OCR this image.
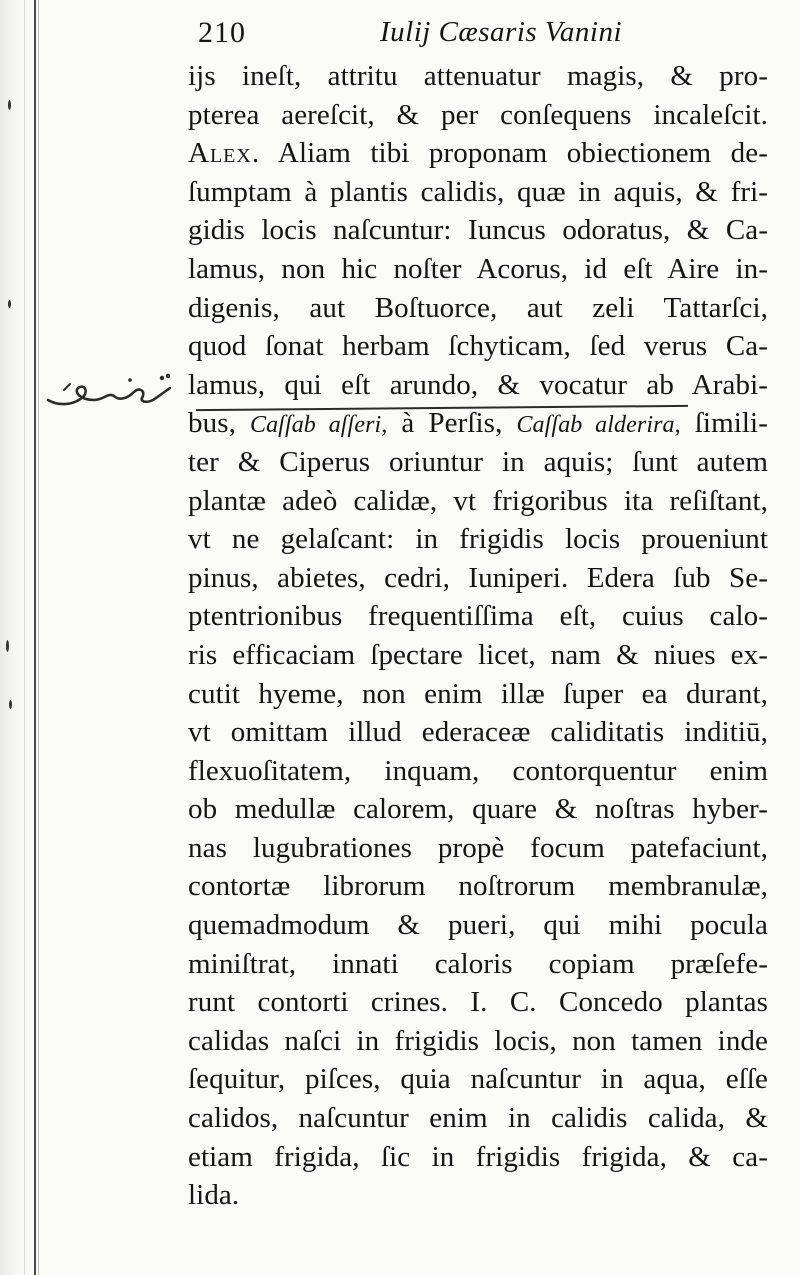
210	Iulij Cæsaris Vanini
ijs ineſt, attritu attenuatur magis, & pro-
pterea aereſcit, & per conſequens incaleſcit.
Alex. Aliam tibi proponam obiectionem de-
ſumptam à plantis calidis, quæ in aquis, & fri-
gidis locis naſcuntur: Iuncus odoratus, & Ca-
lamus, non hic noſter Acorus, id eſt Aire in-
digenis, aut Boſtuorce, aut zeli Tattarſci,
quod ſonat herbam ſchyticam, ſed verus Ca-
lamus, qui eſt arundo, & vocatur ab Arabi-
bus, Caſſab aſſeri, à Perſis, Caſſab alderira, ſimili-
ter & Ciperus oriuntur in aquis; ſunt autem
plantæ adeò calidæ, vt frigoribus ita reſiſtant,
vt ne gelaſcant: in frigidis locis proueniunt
pinus, abietes, cedri, Iuniperi. Edera ſub Se-
ptentrionibus frequentiſſima eſt, cuius calo-
ris efficaciam ſpectare licet, nam & niues ex-
cutit hyeme, non enim illæ ſuper ea durant,
vt omittam illud ederaceæ caliditatis inditiū,
flexuoſitatem, inquam, contorquentur enim
ob medullæ calorem, quare & noſtras hyber-
nas lugubrationes propè focum patefaciunt,
contortæ librorum noſtrorum membranulæ,
quemadmodum & pueri, qui mihi pocula
miniſtrat, innati caloris copiam præſefe-
runt contorti crines. I. C. Concedo plantas
calidas naſci in frigidis locis, non tamen inde
ſequitur, piſces, quia naſcuntur in aqua, eſſe
calidos, naſcuntur enim in calidis calida, &
etiam frigida, ſic in frigidis frigida, & ca-
lida.
